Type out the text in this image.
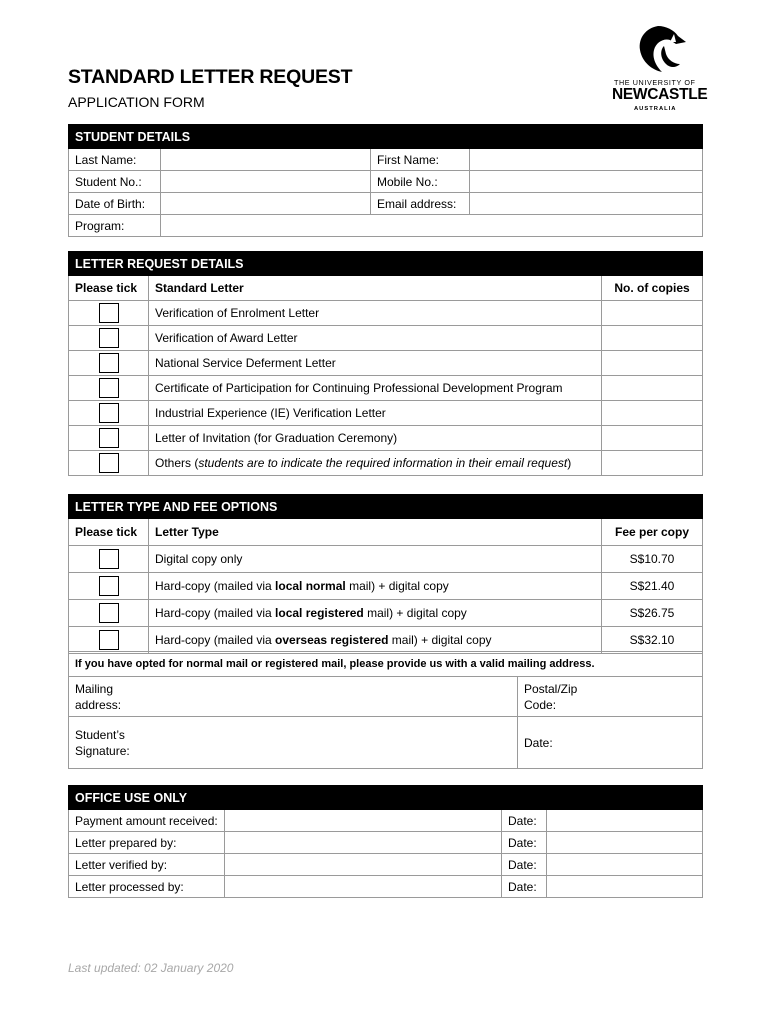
STANDARD LETTER REQUEST
APPLICATION FORM
THE UNIVERSITY OF
NEWCASTLE
AUSTRALIA
STUDENT DETAILS			
Last Name:		First Name:	
Student No.:		Mobile No.:	
Date of Birth:		Email address:	
Program:			
LETTER REQUEST DETAILS		
Please tick	Standard Letter	No. of copies
	Verification of Enrolment Letter	
	Verification of Award Letter	
	National Service Deferment Letter	
	Certificate of Participation for Continuing Professional Development Program	
	Industrial Experience (IE) Verification Letter	
	Letter of Invitation (for Graduation Ceremony)	
	Others (students are to indicate the required information in their email request)	
LETTER TYPE AND FEE OPTIONS		
Please tick	Letter Type	Fee per copy
	Digital copy only	S$10.70
	Hard-copy (mailed via local normal mail) + digital copy	S$21.40
	Hard-copy (mailed via local registered mail) + digital copy	S$26.75
	Hard-copy (mailed via overseas registered mail) + digital copy	S$32.10
If you have opted for normal mail or registered mail, please provide us with a valid mailing address.	

Mailing address:	Postal/Zip Code:

Student’s Signature:	Date:
OFFICE USE ONLY			
Payment amount received:		Date:	
Letter prepared by:		Date:	
Letter verified by:		Date:	
Letter processed by:		Date:	
Last updated: 02 January 2020
